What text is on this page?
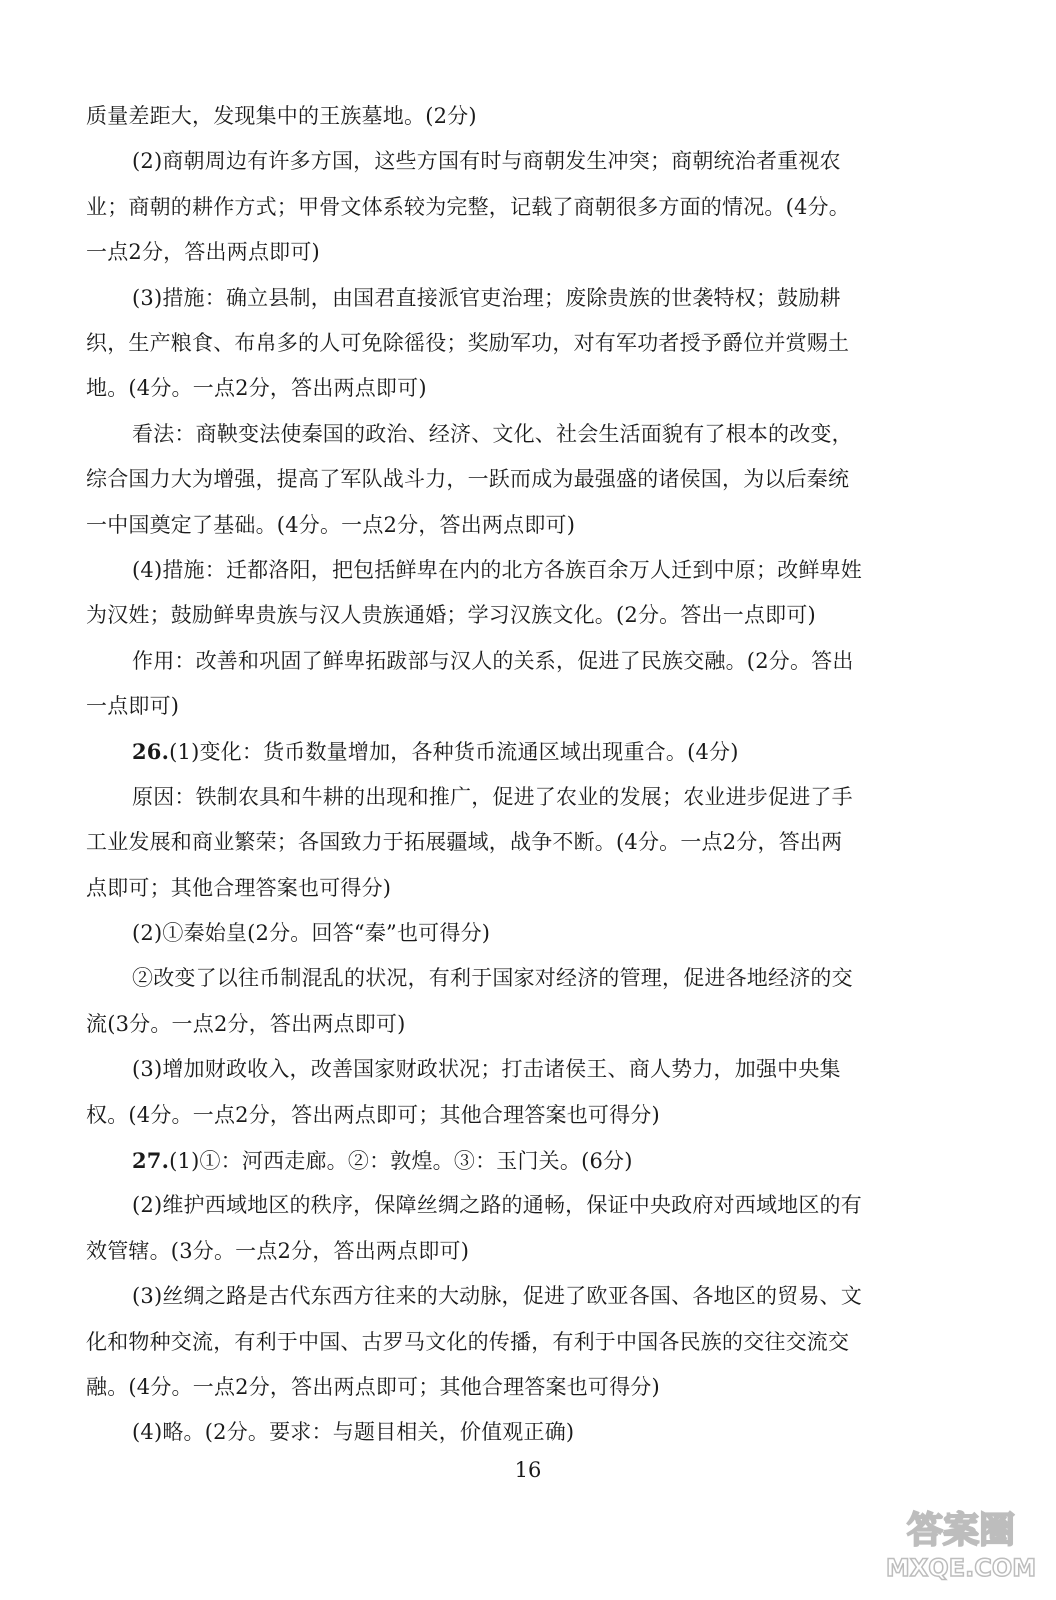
质量差距大，发现集中的王族墓地。(2分)
(2)商朝周边有许多方国，这些方国有时与商朝发生冲突；商朝统治者重视农
业；商朝的耕作方式；甲骨文体系较为完整，记载了商朝很多方面的情况。(4分。
一点2分，答出两点即可)
(3)措施：确立县制，由国君直接派官吏治理；废除贵族的世袭特权；鼓励耕
织，生产粮食、布帛多的人可免除徭役；奖励军功，对有军功者授予爵位并赏赐土
地。(4分。一点2分，答出两点即可)
看法：商鞅变法使秦国的政治、经济、文化、社会生活面貌有了根本的改变，
综合国力大为增强，提高了军队战斗力，一跃而成为最强盛的诸侯国，为以后秦统
一中国奠定了基础。(4分。一点2分，答出两点即可)
(4)措施：迁都洛阳，把包括鲜卑在内的北方各族百余万人迁到中原；改鲜卑姓
为汉姓；鼓励鲜卑贵族与汉人贵族通婚；学习汉族文化。(2分。答出一点即可)
作用：改善和巩固了鲜卑拓跋部与汉人的关系，促进了民族交融。(2分。答出
一点即可)
26.(1)变化：货币数量增加，各种货币流通区域出现重合。(4分)
原因：铁制农具和牛耕的出现和推广，促进了农业的发展；农业进步促进了手
工业发展和商业繁荣；各国致力于拓展疆域，战争不断。(4分。一点2分，答出两
点即可；其他合理答案也可得分)
(2)①秦始皇(2分。回答“秦”也可得分)
②改变了以往币制混乱的状况，有利于国家对经济的管理，促进各地经济的交
流(3分。一点2分，答出两点即可)
(3)增加财政收入，改善国家财政状况；打击诸侯王、商人势力，加强中央集
权。(4分。一点2分，答出两点即可；其他合理答案也可得分)
27.(1)①：河西走廊。②：敦煌。③：玉门关。(6分)
(2)维护西域地区的秩序，保障丝绸之路的通畅，保证中央政府对西域地区的有
效管辖。(3分。一点2分，答出两点即可)
(3)丝绸之路是古代东西方往来的大动脉，促进了欧亚各国、各地区的贸易、文
化和物种交流，有利于中国、古罗马文化的传播，有利于中国各民族的交往交流交
融。(4分。一点2分，答出两点即可；其他合理答案也可得分)
(4)略。(2分。要求：与题目相关，价值观正确)
16
答案圈
MXQE.COM
